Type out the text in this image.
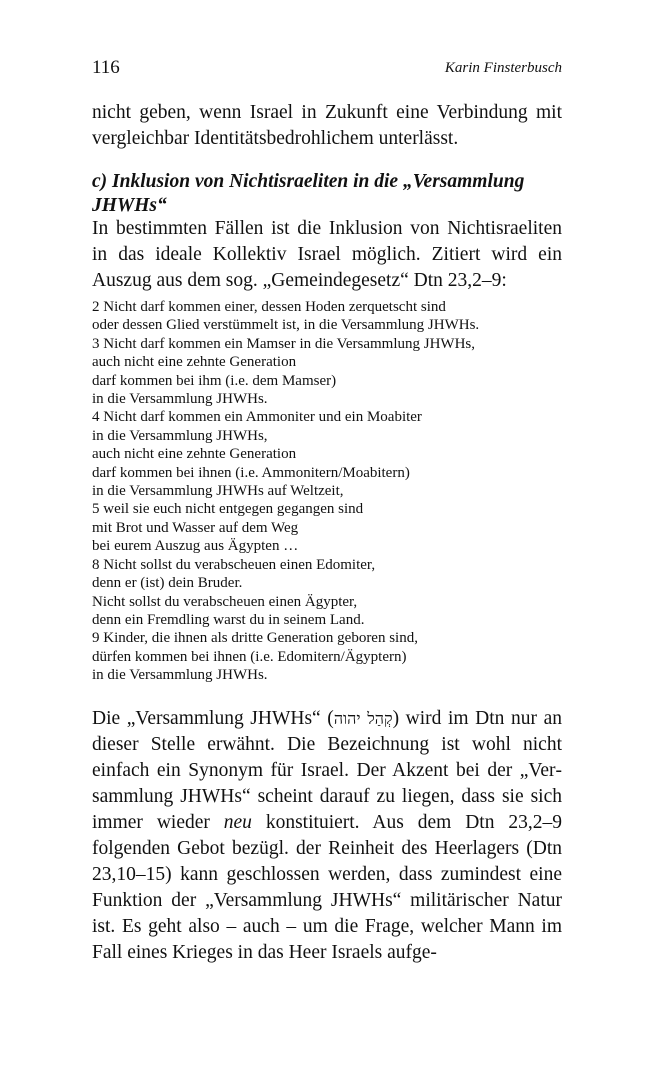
116	Karin Finsterbusch

nicht geben, wenn Israel in Zukunft eine Verbindung mit vergleichbar Identitätsbedrohlichem unterlässt.

c) Inklusion von Nichtisraeliten in die „Versammlung
JHWHs“

In bestimmten Fällen ist die Inklusion von Nichtisraeliten in das ideale Kollektiv Israel möglich. Zitiert wird ein Auszug aus dem sog. „Gemeindegesetz“ Dtn 23,2–9:

2 Nicht darf kommen einer, dessen Hoden zerquetscht sind
oder dessen Glied verstümmelt ist, in die Versammlung JHWHs.
3 Nicht darf kommen ein Mamser in die Versammlung JHWHs,
auch nicht eine zehnte Generation
darf kommen bei ihm (i.e. dem Mamser)
in die Versammlung JHWHs.
4 Nicht darf kommen ein Ammoniter und ein Moabiter
in die Versammlung JHWHs,
auch nicht eine zehnte Generation
darf kommen bei ihnen (i.e. Ammonitern/Moabitern)
in die Versammlung JHWHs auf Weltzeit,
5 weil sie euch nicht entgegen gegangen sind
mit Brot und Wasser auf dem Weg
bei eurem Auszug aus Ägypten …
8 Nicht sollst du verabscheuen einen Edomiter,
denn er (ist) dein Bruder.
Nicht sollst du verabscheuen einen Ägypter,
denn ein Fremdling warst du in seinem Land.
9 Kinder, die ihnen als dritte Generation geboren sind,
dürfen kommen bei ihnen (i.e. Edomitern/Ägyptern)
in die Versammlung JHWHs.

Die „Versammlung JHWHs“ (קְהַל יהוה) wird im Dtn nur an dieser Stelle erwähnt. Die Bezeichnung ist wohl nicht einfach ein Synonym für Israel. Der Akzent bei der „Versammlung JHWHs“ scheint darauf zu liegen, dass sie sich immer wieder neu konstituiert. Aus dem Dtn 23,2–9 folgenden Gebot bezügl. der Reinheit des Heerlagers (Dtn 23,10–15) kann geschlossen werden, dass zumindest eine Funktion der „Versammlung JHWHs“ militärischer Natur ist. Es geht also – auch – um die Frage, welcher Mann im Fall eines Krieges in das Heer Israels aufge-
